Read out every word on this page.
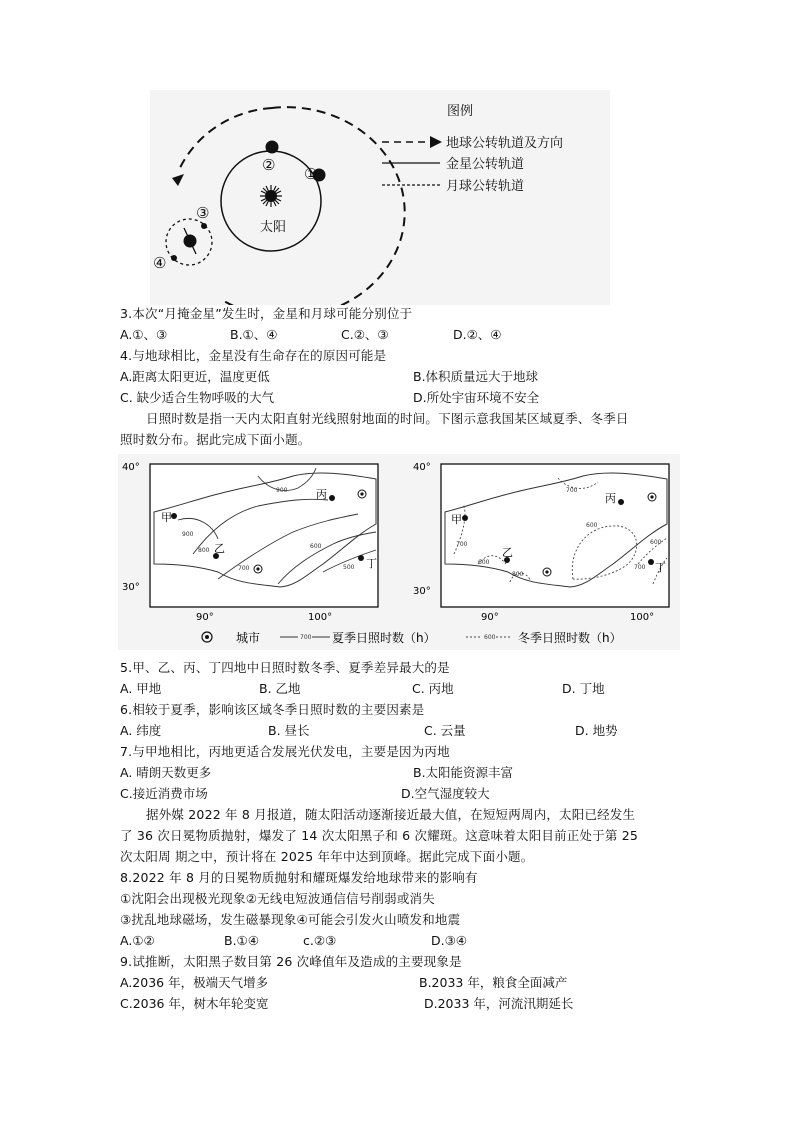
太阳
①
②
③
④
图例
地球公转轨道及方向
金星公转轨道
月球公转轨道
3.本次“月掩金星”发生时，金星和月球可能分别位于
A.①、③	B.①、④	C.②、③	D.②、④
4.与地球相比，金星没有生命存在的原因可能是
A.距离太阳更近，温度更低	B.体积质量远大于地球
C. 缺少适合生物呼吸的大气	D.所处宇宙环境不安全
日照时数是指一天内太阳直射光线照射地面的时间。下图示意我国某区域夏季、冬季日
照时数分布。据此完成下面小题。
900
900
800
700
600
500
甲
乙
丙
丁
40°
30°
90°	100°
700
700
600
600
800
700
600
甲
乙
丙
丁
40°
30°
90°	100°
城市	700 夏季日照时数（h）	600 冬季日照时数（h）
5.甲、乙、丙、丁四地中日照时数冬季、夏季差异最大的是
A. 甲地	B. 乙地	C. 丙地	D. 丁地
6.相较于夏季，影响该区域冬季日照时数的主要因素是
A. 纬度	B. 昼长	C. 云量	D. 地势
7.与甲地相比，丙地更适合发展光伏发电，主要是因为丙地
A. 晴朗天数更多	B.太阳能资源丰富
C.接近消费市场	D.空气湿度较大
据外媒 2022 年 8 月报道，随太阳活动逐渐接近最大值，在短短两周内，太阳已经发生
了 36 次日冕物质抛射，爆发了 14 次太阳黑子和 6 次耀斑。这意味着太阳目前正处于第 25
次太阳周 期之中，预计将在 2025 年年中达到顶峰。据此完成下面小题。
8.2022 年 8 月的日冕物质抛射和耀斑爆发给地球带来的影响有
①沈阳会出现极光现象②无线电短波通信信号削弱或消失
③扰乱地球磁场，发生磁暴现象④可能会引发火山喷发和地震
A.①②	B.①④	c.②③	D.③④
9.试推断，太阳黑子数目第 26 次峰值年及造成的主要现象是
A.2036 年，极端天气增多	B.2033 年，粮食全面减产
C.2036 年，树木年轮变宽	D.2033 年，河流汛期延长
